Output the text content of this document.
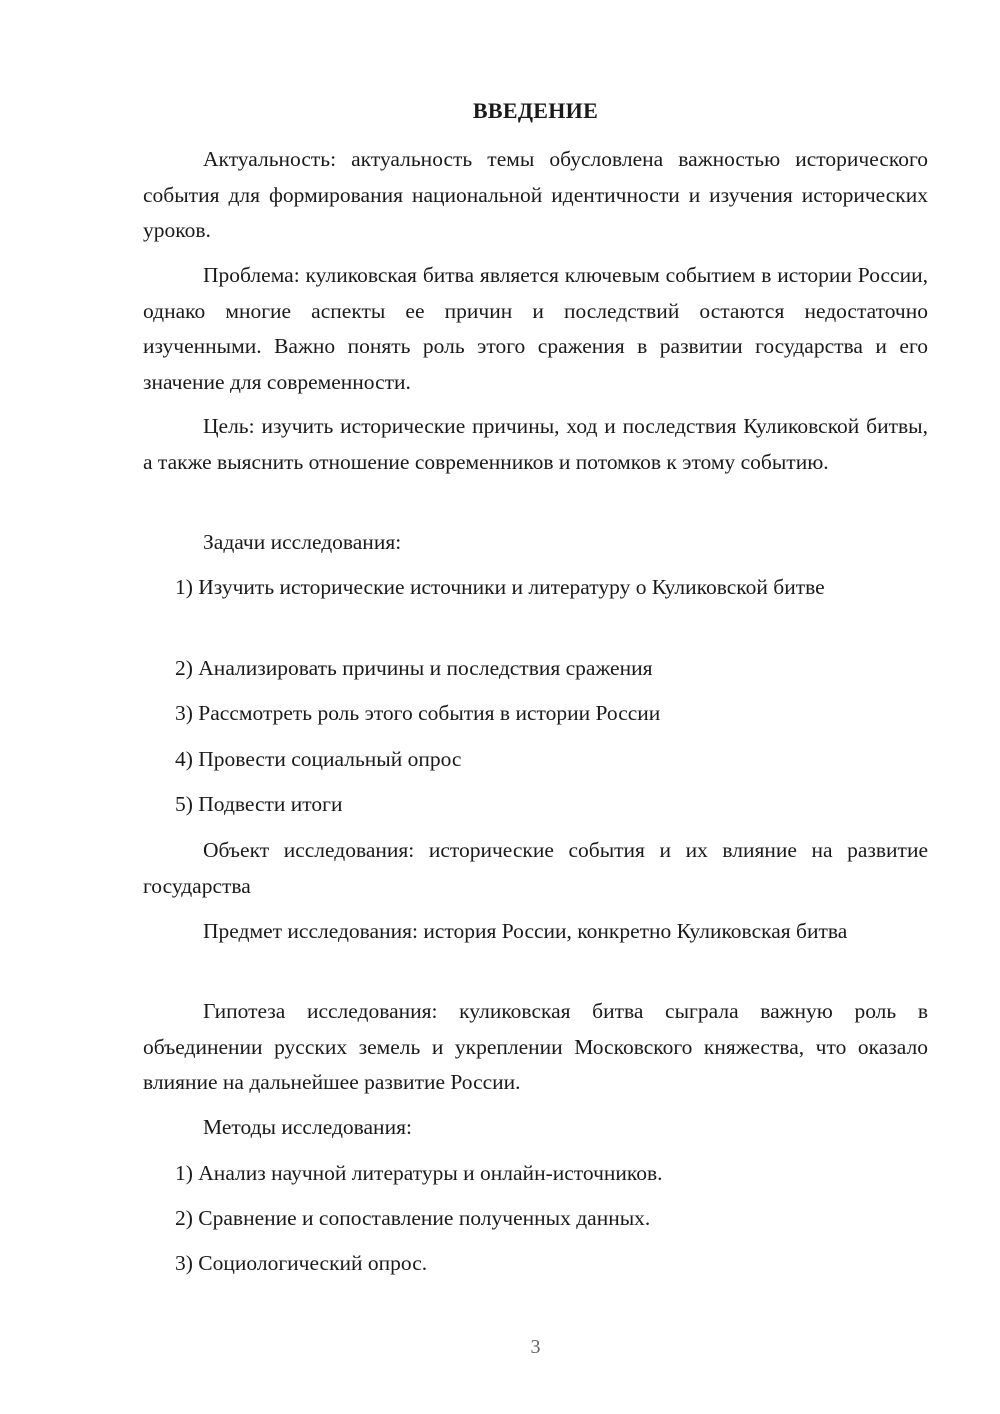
ВВЕДЕНИЕ

Актуальность: актуальность темы обусловлена важностью исторического события для формирования национальной идентичности и изучения исторических уроков.

Проблема: куликовская битва является ключевым событием в истории России, однако многие аспекты ее причин и последствий остаются недостаточно изученными. Важно понять роль этого сражения в развитии государства и его значение для современности.

Цель: изучить исторические причины, ход и последствия Куликовской битвы, а также выяснить отношение современников и потомков к этому событию.

Задачи исследования:

1) Изучить исторические источники и литературу о Куликовской битве

2) Анализировать причины и последствия сражения

3) Рассмотреть роль этого события в истории России

4) Провести социальный опрос

5) Подвести итоги

Объект исследования: исторические события и их влияние на развитие государства

Предмет исследования: история России, конкретно Куликовская битва

Гипотеза исследования: куликовская битва сыграла важную роль в объединении русских земель и укреплении Московского княжества, что оказало влияние на дальнейшее развитие России.

Методы исследования:

1) Анализ научной литературы и онлайн-источников.

2) Сравнение и сопоставление полученных данных.

3) Социологический опрос.

3
